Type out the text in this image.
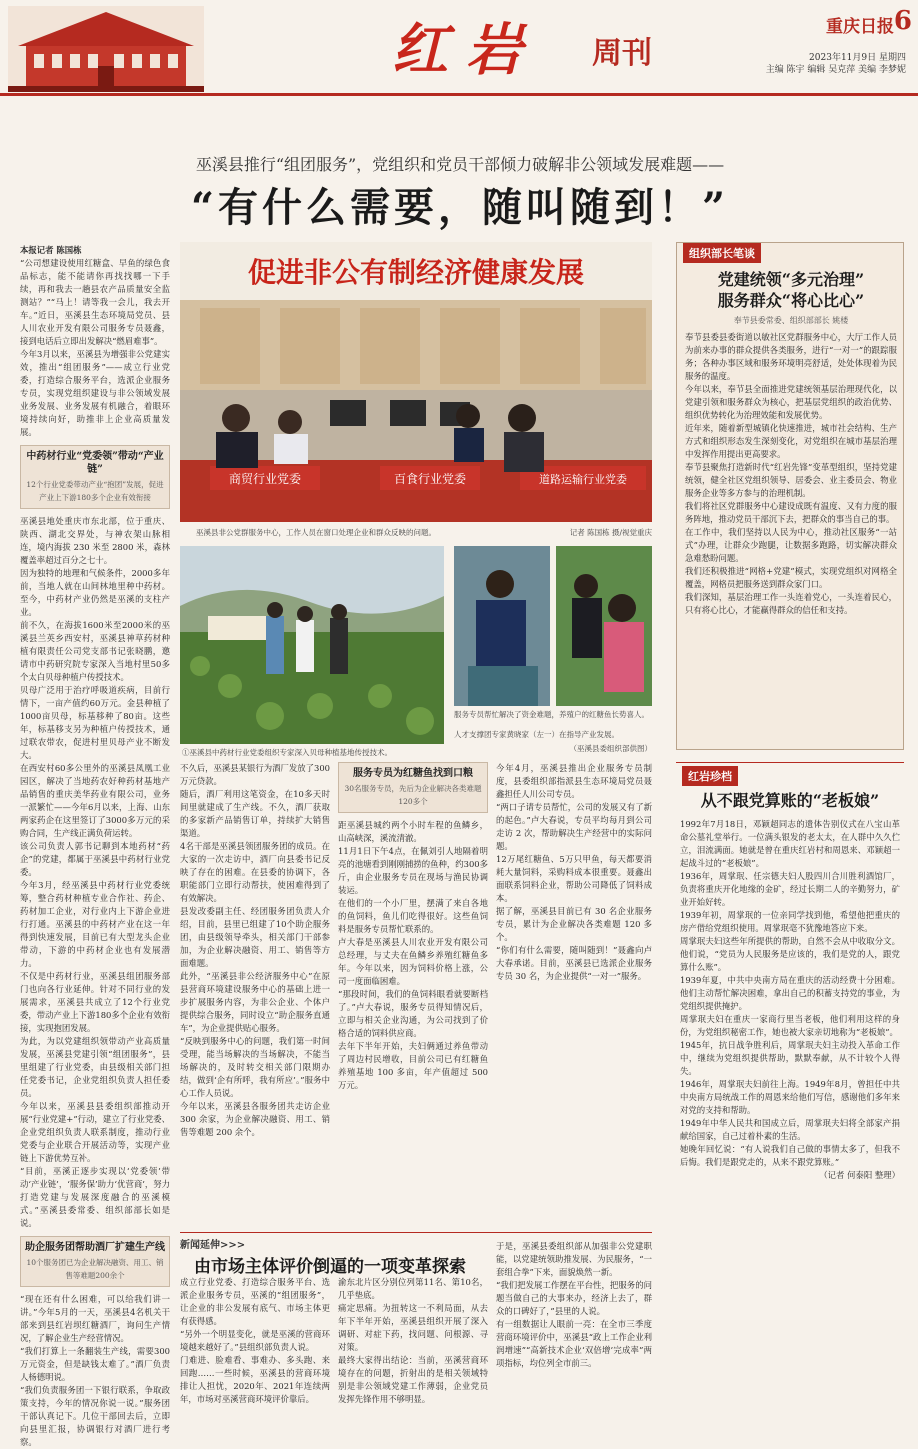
红岩 周刊
重庆日报 6
2023年11月9日 星期四
主编 陈宇 编辑 吴克萍 美编 李梦妮
巫溪县推行“组团服务”，党组织和党员干部倾力破解非公领域发展难题——
“有什么需要，随叫随到！”

本报记者 陈国栋

“公司想建设使用红糖盒、早鱼的绿色食品标志，能不能请你再找找哪一下手续，再和我去一趟县农产品质量安全监测站？”“马上！请等我一会儿，我去开车。”近日，巫溪县生态环境局党员、县人川农业开发有限公司服务专员聂鑫，接到电话后立即出发解决“燃眉难事”。

今年3月以来，巫溪县为增强非公党建实效，推出“组团服务”——成立行业党委，打造综合服务平台，选派企业服务专员，实现党组织建设与非公领域发展业务发展、业务发展有机融合，着眼环境持续向好，助推非上企业高质量发展。

中药材行业“党委领”带动“产业链”
12个行业党委带动产业“抱团”发展，促进产业上下游180多个企业有效衔接

巫溪县地处重庆市东北部，位于重庆、陕西、湖北交界处，与神农架山脉相连，境内海拔 230 米至 2800 米，森林覆盖率超过百分之七十。

因为独特的地理和气候条件，2000多年前，当地人就在山间林地里种中药材。至今，中药材产业仍然是巫溪的支柱产业。

前不久，在海拔1600米至2000米的巫溪县兰英乡西安村，巫溪县神草药材种植有限责任公司党支部书记张晓鹏，邀请市中药研究院专家深入当地村里50多个太白贝母种植户传授技术。

贝母广泛用于治疗呼吸道疾病，目前行情下，一亩产值约60万元。金县种植了1000亩贝母，标基移种了80亩。这些年，标基移支另为种植户传授技术，通过联农带农，促进村里贝母产业不断发大。

在西安村60多公里外的巫溪县凤凰工业园区，解决了当地药农好种药材基地产品销售的重庆美华药业有限公司，业务一派繁忙——今年6月以来，上海、山东两家药企在这里签订了3000多万元的采购合同，生产线正满负荷运转。

该公司负责人郭书记聊到本地药材“药企”的党建，都属于巫溪县中药材行业党委。

今年3月，经巫溪县中药材行业党委统筹，整合药材种植专业合作社、药企、药材加工企业，对行业内上下游企业进行打通。巫溪县的中药材产业在这一年得到快速发展，目前已有大型龙头企业带动，下游的中药材企业也有发展潜力。

不仅是中药材行业，巫溪县组团服务部门也向各行业延伸。针对不同行业的发展需求，巫溪县共成立了12个行业党委，带动产业上下游180多个企业有效衔接，实现抱团发展。

为此，为以党建组织领带动产业高质量发展，巫溪县党建引领“组团服务”，县里组建了行业党委，由县级相关部门担任党委书记，企业党组织负责人担任委员。

今年以来，巫溪县县委组织部推动开展“行业党建+”行动，建立了行业党委、企业党组织负责人联系制度，推动行业党委与企业联合开展活动等，实现产业链上下游优势互补。

“目前，巫溪正逐步实现以‘党委领’带动‘产业链’，‘服务保’助力‘优营商’，努力打造党建与发展深度融合的巫溪模式。”巫溪县委常委、组织部部长如是说。

助企服务团帮助酒厂扩建生产线
10个服务团已为企业解决融资、用工、销售等难题200余个

“现在还有什么困难，可以给我们讲一讲。”今年5月的一天，巫溪县4名机关干部来到县红岩坝红糖酒厂，询问生产情况，了解企业生产经营情况。

“我们打算上一条翻装生产线，需要300万元资金，但是缺钱太难了。”酒厂负责人杨德明说。

“我们负责服务团一下银行联系，争取政策支持，今年的情况你说一说。”服务团干部认真记下。几位干部回去后，立即向县里汇报，协调银行对酒厂进行考察。

促进非公有制经济健康发展
商贸行业党委	百食行业党委	道路运输行业党委
巫溪县非公党群服务中心，工作人员在窗口处理企业和群众反映的问题。	记者 陈国栋 摄/视觉重庆
①巫溪县中药材行业党委组织专家深入贝母种植基地传授技术。
服务专员帮忙解决了资金难题，养殖户的红糖鱼长势喜人。
人才支撑团专家黄晓家（左一）在指导产业发展。
（巫溪县委组织部供图）

不久后，巫溪县某银行为酒厂发放了300万元贷款。

随后，酒厂利用这笔资金，在10多天时间里就建成了生产线。不久，酒厂获取的多家新产品销售订单，持续扩大销售渠道。

4名干部是巫溪县领团服务团的成员。在大家的一次走访中，酒厂向县委书记反映了存在的困难。在县委的协调下，各职能部门立即行动帮扶，使困难得到了有效解决。

县发改委副主任、经团服务团负责人介绍，目前，县里已组建了10个助企服务团，由县级领导牵头，相关部门干部参加，为企业解决融资、用工、销售等方面难题。

此外，“巫溪县非公经济服务中心”在原县营商环境建设服务中心的基础上进一步扩展服务内容，为非公企业、个体户提供综合服务，同时设立“助企服务直通车”，为企业提供贴心服务。

“反映到服务中心的问题，我们第一时间受理，能当场解决的当场解决，不能当场解决的，及时转交相关部门限期办结，做到‘企有所呼，我有所应’。”服务中心工作人员说。

今年以来，巫溪县各服务团共走访企业 300 余家，为企业解决融资、用工、销售等难题 200 余个。

服务专员为红糖鱼找到口粮
30名服务专员，先后为企业解决各类难题120多个

距巫溪县城约两个小时车程的鱼鳞乡，山高峡深，溪流清澈。

11月1日下午4点，在佩刘引人地隔着明亮的池塘看到刚刚捕捞的鱼种，约300多斤，由企业服务专员在现场与渔民协调装运。

在他们的一个小厂里，摆满了来自各地的鱼饲料，鱼儿们吃得很好。这些鱼饲料是服务专员帮忙联系的。

卢大春是巫溪县人川农业开发有限公司总经理，与丈夫在鱼鳞乡养殖红糖鱼多年。今年以来，因为饲料价格上涨，公司一度面临困难。

“那段时间，我们的鱼饲料眼看就要断档了。”卢大春说，服务专员得知情况后，立即与相关企业沟通，为公司找到了价格合适的饲料供应商。

去年下半年开始，夫妇俩通过养鱼带动了周边村民增收，目前公司已有红糖鱼养殖基地 100 多亩，年产值超过 500 万元。

今年4月，巫溪县推出企业服务专员制度，县委组织部指派县生态环境局党员聂鑫担任人川公司专员。

“两口子请专员帮忙，公司的发展又有了新的起色。”卢大春说，专员平均每月到公司走访 2 次，帮助解决生产经营中的实际问题。

12万尾红糖鱼、5万只甲鱼，每天都要消耗大量饲料，采购料成本很重要。聂鑫出面联系饲料企业，帮助公司降低了饲料成本。

据了解，巫溪县目前已有 30 名企业服务专员，累计为企业解决各类难题 120 多个。

“你们有什么需要，随叫随到！”聂鑫向卢大春承诺。目前，巫溪县已选派企业服务专员 30 名，为企业提供“一对一”服务。

新闻延伸>>>
由市场主体评价倒逼的一项变革探索

成立行业党委、打造综合服务平台、选派企业服务专员，巫溪的“组团服务”，让企业的非公发展有底气、市场主体更有获得感。

“另外一个明显变化，就是巫溪的营商环境越来越好了。”县组织部负责人说。

门难进、脸难看、事难办、多头跑、来回跑……一些时候，巫溪县的营商环境排让人担忧，2020年、2021年连续两年，市场对巫溪营商环境评价靠后。

渝东北片区分别位列第11名、第10名，几乎垫底。

痛定思痛。为扭转这一不利局面，从去年下半年开始，巫溪县组织开展了深入调研、对症下药，找问题、问根源、寻对策。

最终大家得出结论：当前，巫溪营商环境存在的问题，折射出的是相关领域特别是非公领域党建工作薄弱，企业党员发挥先锋作用不够明显。

于是，巫溪县委组织部从加强非公党建职能，以党建统领助推发展、为民服务，“一套组合拳”下来，面貌焕然一新。

“我们把发展工作摆在平台性，把服务的问题当做自己的大事来办，经济上去了，群众的口碑好了，”县里的人说。

有一组数据让人眼前一亮：在全市三季度营商环境评价中，巫溪县“政上工作企业利润增速”“高新技术企业‘双倍增’完成率”两项指标，均位列全市前三。

组织部长笔谈
党建统领“多元治理”
服务群众“将心比心”
奉节县委常委、组织部部长 姚楼

奉节县委县委街道以敏社区党群服务中心，大厅工作人员为前来办事的群众提供各类服务，进行“一对一”的跟踪服务；各种办事区域和服务环境明亮舒适，处处体现着为民服务的温度。

今年以来，奉节县全面推进党建统领基层治理现代化，以党建引领和服务群众为核心，把基层党组织的政治优势、组织优势转化为治理效能和发展优势。

近年来，随着新型城镇化快速推进，城市社会结构、生产方式和组织形态发生深刻变化，对党组织在城市基层治理中发挥作用提出更高要求。

奉节县聚焦打造新时代“红岩先锋”变革型组织，坚持党建统领，健全社区党组织领导、居委会、业主委员会、物业服务企业等多方参与的治理机制。

我们将社区党群服务中心建设成既有温度、又有力度的服务阵地，推动党员干部沉下去，把群众的事当自己的事。

在工作中，我们坚持以人民为中心，推动社区服务“一站式”办理，让群众少跑腿，让数据多跑路，切实解决群众急难愁盼问题。

我们还积极推进“网格+党建”模式，实现党组织对网格全覆盖，网格员把服务送到群众家门口。

我们深知，基层治理工作一头连着党心，一头连着民心，只有将心比心，才能赢得群众的信任和支持。

红岩珍档
从不跟党算账的“老板娘”

1992年7月18日，邓颖超同志的遗体告别仪式在八宝山革命公墓礼堂举行。一位满头银发的老太太，在人群中久久伫立，泪流满面。她就是曾在重庆红岩村和周恩来、邓颖超一起战斗过的“老板娘”。

1936年，周掌珉、任宗德夫妇人股四川合川胜利酒馆厂，负责将重庆开化地缘的金矿，经过长期二人的辛勤努力，矿业开始好转。

1939年初，周掌珉的一位亲同学找到他，希望他把重庆的房产借给党组织使用。周掌珉毫不犹豫地答应下来。

周掌珉夫妇这些年所提供的帮助，自然不会从中收取分文。他们说，“党员为人民服务是应该的，我们是党的人，跟党算什么账”。

1939年夏，中共中央南方局在重庆的活动经费十分困难。他们主动帮忙解决困难，拿出自己的积蓄支持党的事业，为党组织提供掩护。

周掌珉夫妇在重庆一家商行里当老板，他们利用这样的身份，为党组织秘密工作，她也被大家亲切地称为“老板娘”。

1945年，抗日战争胜利后，周掌珉夫妇主动投入革命工作中，继续为党组织提供帮助，默默奉献，从不计较个人得失。

1946年，周掌珉夫妇前往上海。1949年8月，曾担任中共中央南方局统战工作的周恩来给他们写信，感谢他们多年来对党的支持和帮助。

1949年中华人民共和国成立后，周掌珉夫妇将全部家产捐献给国家，自己过着朴素的生活。

她晚年回忆说：“有人说我们自己做的事情太多了，但我不后悔。我们是跟党走的，从来不跟党算账。”

（记者 何泰阳 整理）
